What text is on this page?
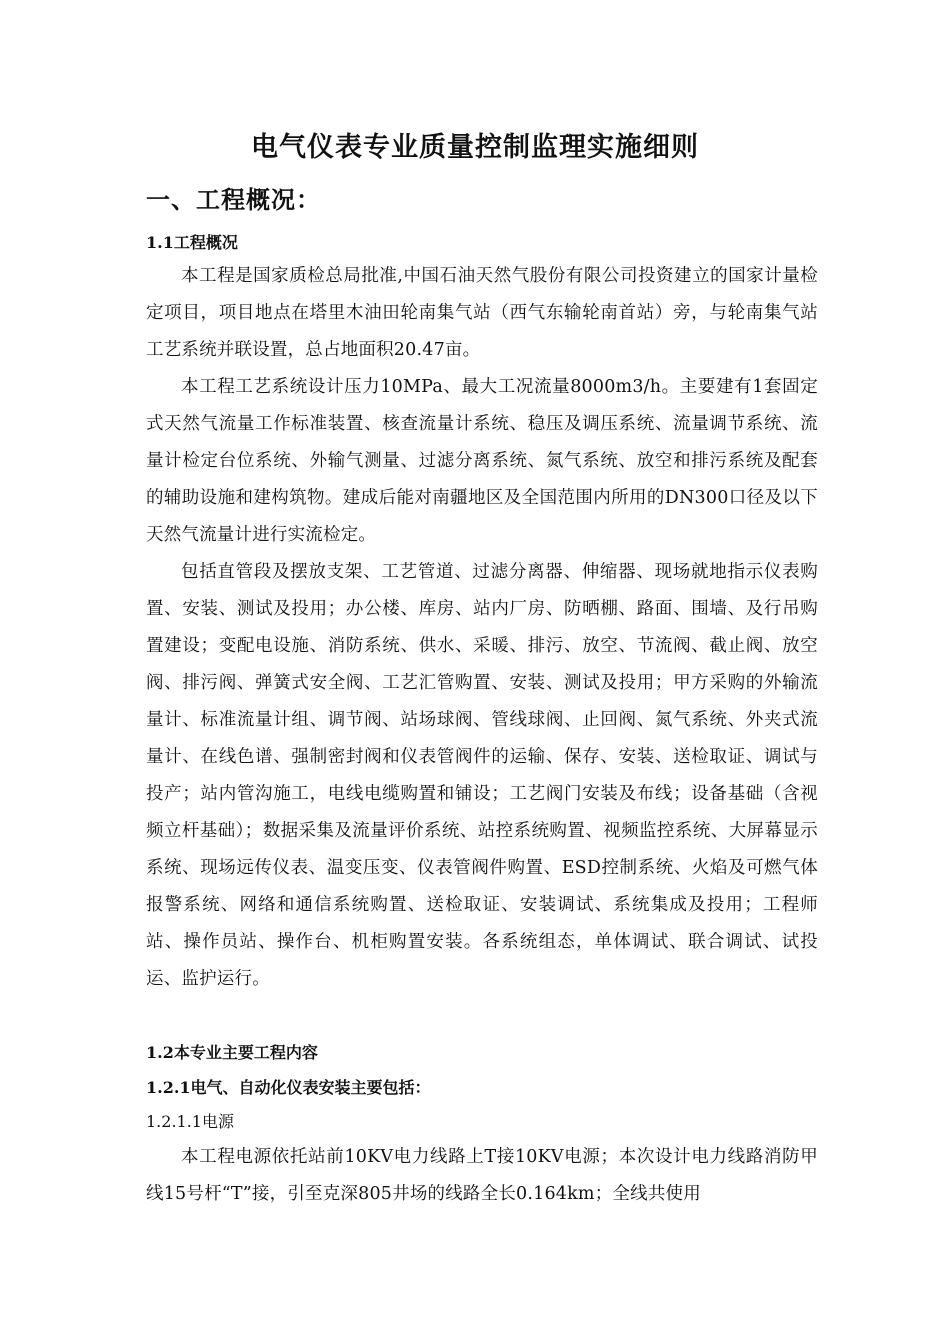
电气仪表专业质量控制监理实施细则
一、工程概况：
1.1工程概况

本工程是国家质检总局批准,中国石油天然气股份有限公司投资建立的国家计量检定项目，项目地点在塔里木油田轮南集气站（西气东输轮南首站）旁，与轮南集气站工艺系统并联设置，总占地面积20.47亩。

本工程工艺系统设计压力10MPa、最大工况流量8000m3/h。主要建有1套固定式天然气流量工作标准装置、核查流量计系统、稳压及调压系统、流量调节系统、流量计检定台位系统、外输气测量、过滤分离系统、氮气系统、放空和排污系统及配套的辅助设施和建构筑物。建成后能对南疆地区及全国范围内所用的DN300口径及以下天然气流量计进行实流检定。

包括直管段及摆放支架、工艺管道、过滤分离器、伸缩器、现场就地指示仪表购置、安装、测试及投用；办公楼、库房、站内厂房、防晒棚、路面、围墙、及行吊购置建设；变配电设施、消防系统、供水、采暖、排污、放空、节流阀、截止阀、放空阀、排污阀、弹簧式安全阀、工艺汇管购置、安装、测试及投用；甲方采购的外输流量计、标准流量计组、调节阀、站场球阀、管线球阀、止回阀、氮气系统、外夹式流量计、在线色谱、强制密封阀和仪表管阀件的运输、保存、安装、送检取证、调试与投产；站内管沟施工，电线电缆购置和铺设；工艺阀门安装及布线；设备基础（含视频立杆基础）；数据采集及流量评价系统、站控系统购置、视频监控系统、大屏幕显示系统、现场远传仪表、温变压变、仪表管阀件购置、ESD控制系统、火焰及可燃气体报警系统、网络和通信系统购置、送检取证、安装调试、系统集成及投用；工程师站、操作员站、操作台、机柜购置安装。各系统组态，单体调试、联合调试、试投运、监护运行。

1.2本专业主要工程内容
1.2.1电气、自动化仪表安装主要包括：
1.2.1.1电源

本工程电源依托站前10KV电力线路上T接10KV电源；本次设计电力线路消防甲线15号杆“T”接，引至克深805井场的线路全长0.164km；全线共使用
